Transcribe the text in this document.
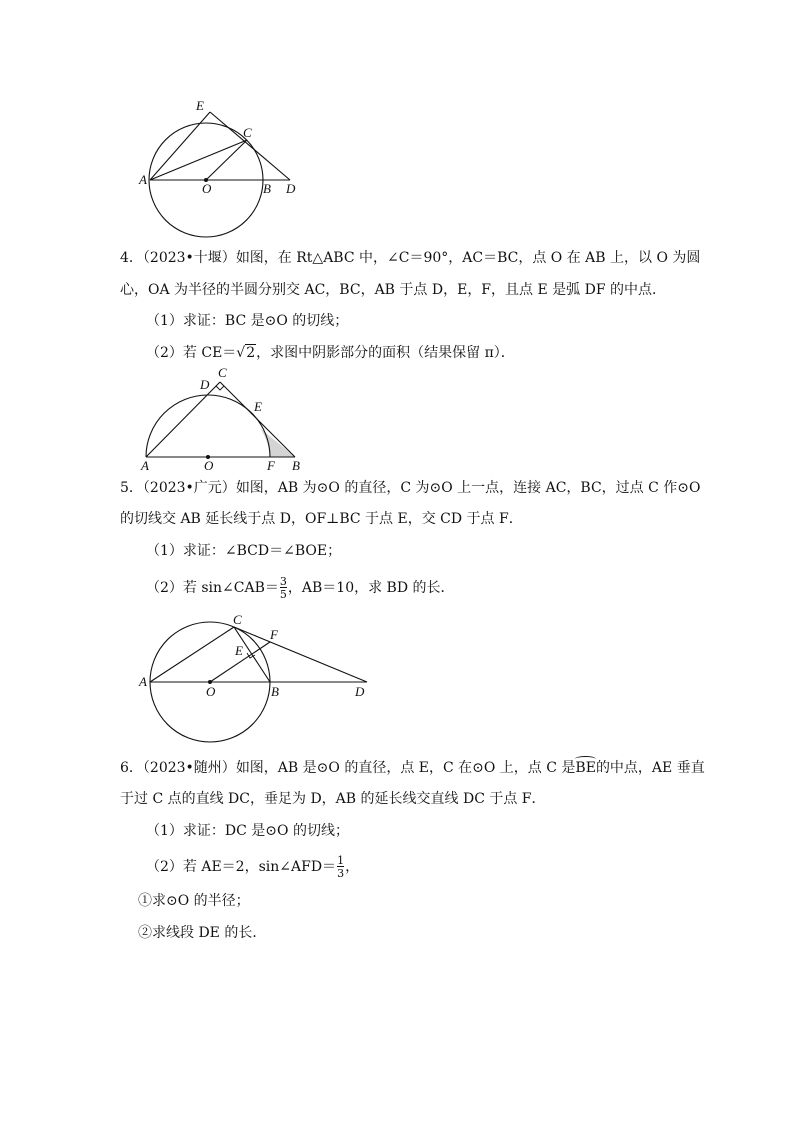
E
C
A
O	B D
4．（2023•十堰）如图，在 Rt△ABC 中，∠C＝90°，AC＝BC，点 O 在 AB 上，以 O 为圆
心，OA 为半径的半圆分别交 AC，BC，AB 于点 D，E，F，且点 E 是弧 DF 的中点．
（1）求证：BC 是⊙O 的切线；
（2）若 CE＝√2，求图中阴影部分的面积（结果保留 π）．
C
D
E
A	O	F B
5．（2023•广元）如图，AB 为⊙O 的直径，C 为⊙O 上一点，连接 AC，BC，过点 C 作⊙O
的切线交 AB 延长线于点 D，OF⊥BC 于点 E，交 CD 于点 F．
（1）求证：∠BCD＝∠BOE；
（2）若 sin∠CAB＝ $\frac{3}{5}$ ，AB＝10，求 BD 的长．
C
F
E
A
O	B	D
6．（2023•随州）如图，AB 是⊙O 的直径，点 E，C 在⊙O 上，点 C 是BE的中点，AE 垂直
于过 C 点的直线 DC，垂足为 D，AB 的延长线交直线 DC 于点 F．
（1）求证：DC 是⊙O 的切线；
（2）若 AE＝2，sin∠AFD＝ $\frac{1}{3}$ ，
①求⊙O 的半径；
②求线段 DE 的长．
